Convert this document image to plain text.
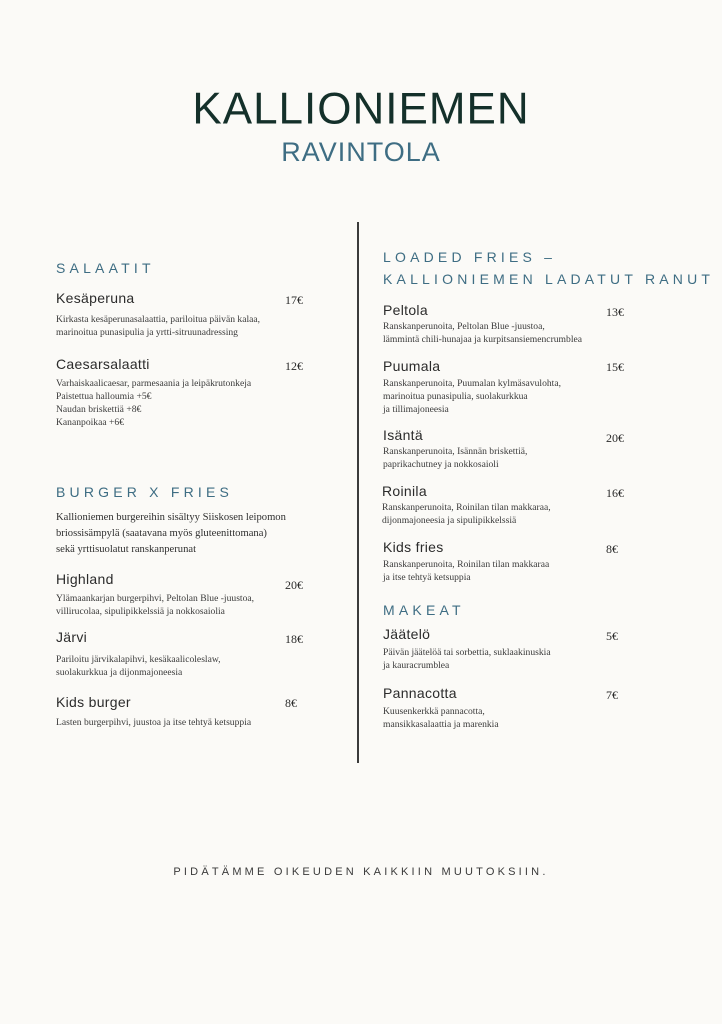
KALLIONIEMEN
RAVINTOLA
SALAATIT
Kesäperuna	17€
Kirkasta kesäperunasalaattia, pariloitua päivän kalaa,
marinoitua punasipulia ja yrtti-sitruunadressing
Caesarsalaatti	12€
Varhaiskaalicaesar, parmesaania ja leipäkrutonkeja
Paistettua halloumia +5€
Naudan briskettiä +8€
Kananpoikaa +6€
BURGER X FRIES
Kallioniemen burgereihin sisältyy Siiskosen leipomon
briossisämpylä (saatavana myös gluteenittomana)
sekä yrttisuolatut ranskanperunat
Highland	20€
Ylämaankarjan burgerpihvi, Peltolan Blue -juustoa,
villirucolaa, sipulipikkelssiä ja nokkosaiolia
Järvi	18€
Pariloitu järvikalapihvi, kesäkaalicoleslaw,
suolakurkkua ja dijonmajoneesia
Kids burger	8€
Lasten burgerpihvi, juustoa ja itse tehtyä ketsuppia
LOADED FRIES –
KALLIONIEMEN LADATUT RANUT
Peltola	13€
Ranskanperunoita, Peltolan Blue -juustoa,
lämmintä chili-hunajaa ja kurpitsansiemencrumblea
Puumala	15€
Ranskanperunoita, Puumalan kylmäsavulohta,
marinoitua punasipulia, suolakurkkua
ja tillimajoneesia
Isäntä	20€
Ranskanperunoita, Isännän briskettiä,
paprikachutney ja nokkosaioli
Roinila	16€
Ranskanperunoita, Roinilan tilan makkaraa,
dijonmajoneesia ja sipulipikkelssiä
Kids fries	8€
Ranskanperunoita, Roinilan tilan makkaraa
ja itse tehtyä ketsuppia
MAKEAT
Jäätelö	5€
Päivän jäätelöä tai sorbettia, suklaakinuskia
ja kauracrumblea
Pannacotta	7€
Kuusenkerkkä pannacotta,
mansikkasalaattia ja marenkia
PIDÄTÄMME OIKEUDEN KAIKKIIN MUUTOKSIIN.
